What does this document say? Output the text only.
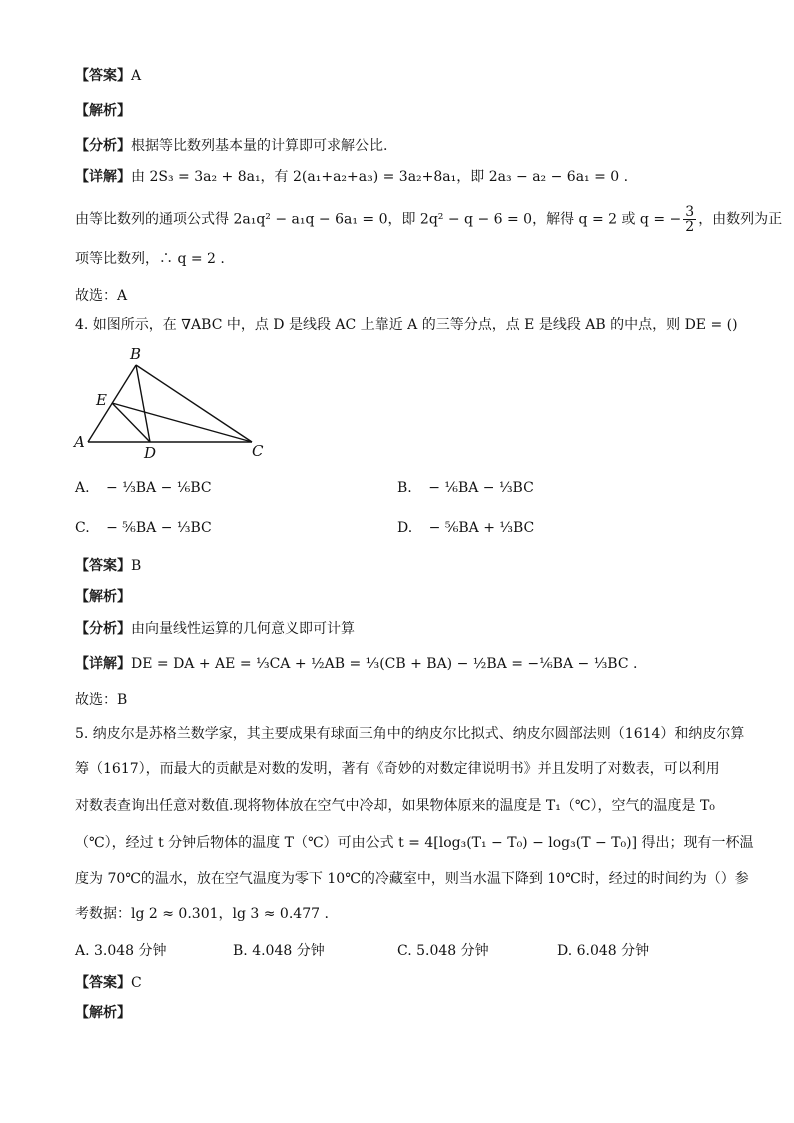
【答案】A
【解析】
【分析】根据等比数列基本量的计算即可求解公比.
【详解】由 2S₃ = 3a₂ + 8a₁，有 2(a₁+a₂+a₃) = 3a₂+8a₁，即 2a₃ − a₂ − 6a₁ = 0 .
由等比数列的通项公式得 2a₁q² − a₁q − 6a₁ = 0，即 2q² − q − 6 = 0，解得 q = 2 或 q = − $\frac{3}{2}$ ，由数列为正
项等比数列，∴ q = 2 .
故选：A
4. 如图所示，在 ∇ABC 中，点 D 是线段 AC 上靠近 A 的三等分点，点 E 是线段 AB 的中点，则 DE = ()
B
E
A
D	C
A. − ⅓BA − ⅙BC	B. − ⅙BA − ⅓BC
C. − ⅚BA − ⅓BC	D. − ⅚BA + ⅓BC
【答案】B
【解析】
【分析】由向量线性运算的几何意义即可计算
【详解】DE = DA + AE = ⅓CA + ½AB = ⅓(CB + BA) − ½BA = −⅙BA − ⅓BC .
故选：B
5. 纳皮尔是苏格兰数学家，其主要成果有球面三角中的纳皮尔比拟式、纳皮尔圆部法则（1614）和纳皮尔算
筹（1617），而最大的贡献是对数的发明，著有《奇妙的对数定律说明书》并且发明了对数表，可以利用
对数表查询出任意对数值.现将物体放在空气中冷却，如果物体原来的温度是 T₁（℃），空气的温度是 T₀
（℃），经过 t 分钟后物体的温度 T（℃）可由公式 t = 4[log₃(T₁ − T₀) − log₃(T − T₀)] 得出；现有一杯温
度为 70℃的温水，放在空气温度为零下 10℃的冷藏室中，则当水温下降到 10℃时，经过的时间约为（）参
考数据：lg 2 ≈ 0.301，lg 3 ≈ 0.477 .
A. 3.048 分钟	B. 4.048 分钟	C. 5.048 分钟	D. 6.048 分钟
【答案】C
【解析】
